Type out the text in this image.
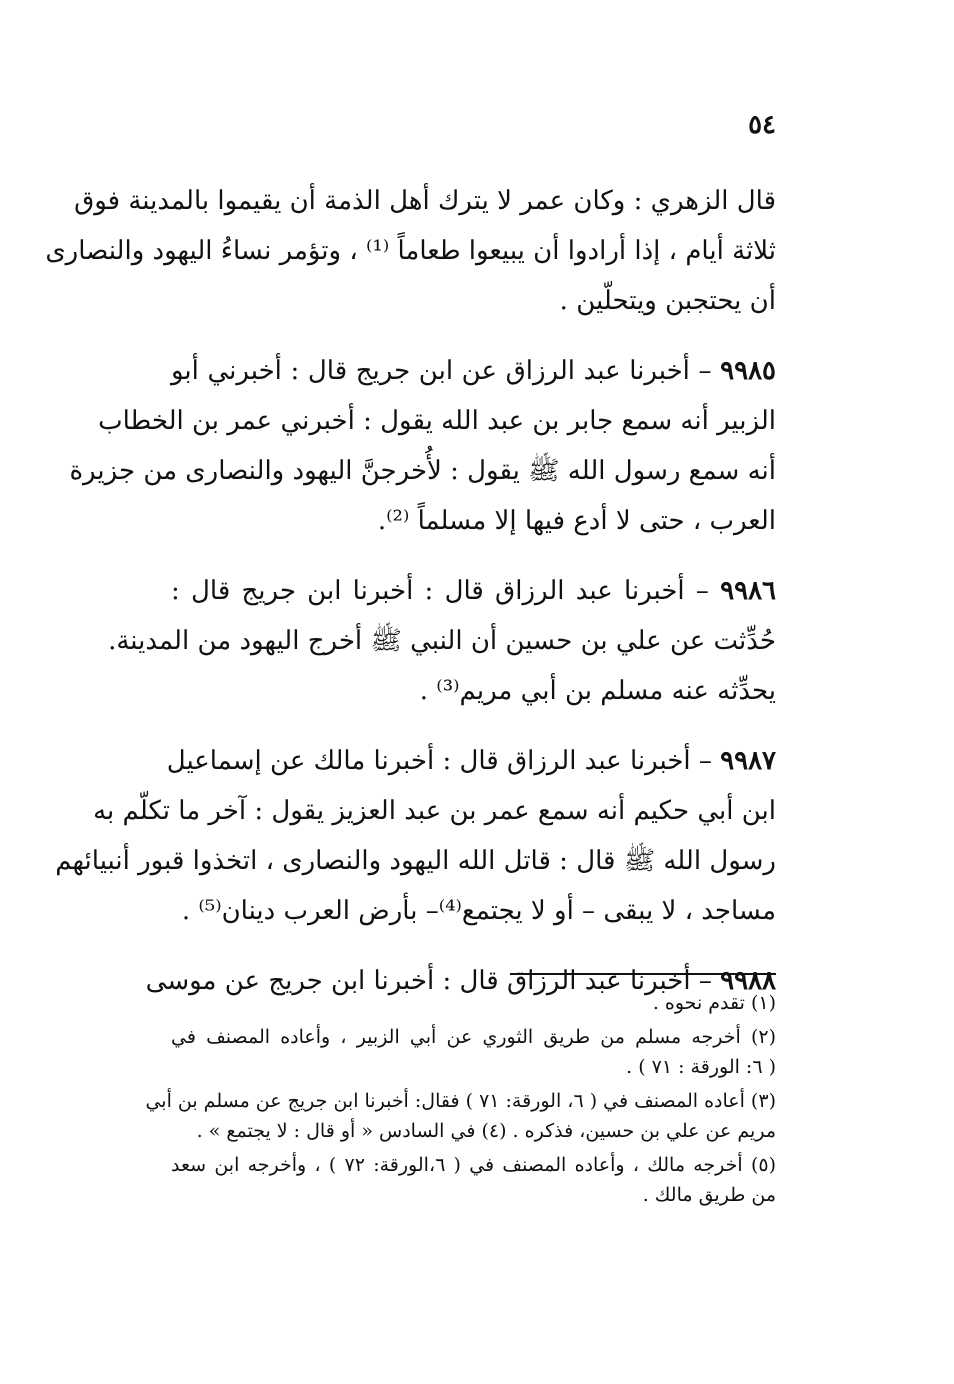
٥٤
قال الزهري : وكان عمر لا يترك أهل الذمة أن يقيموا بالمدينة فوق
ثلاثة أيام ، إذا أرادوا أن يبيعوا طعاماً ⁽¹⁾ ، وتؤمر نساءُ اليهود والنصارى
أن يحتجبن ويتحلّين .
٩٩٨٥ – أخبرنا عبد الرزاق عن ابن جريج قال : أخبرني أبو
الزبير أنه سمع جابر بن عبد الله يقول : أخبرني عمر بن الخطاب
أنه سمع رسول الله ﷺ يقول : لأُخرجنَّ اليهود والنصارى من جزيرة
العرب ، حتى لا أدع فيها إلا مسلماً ⁽²⁾.
٩٩٨٦ – أخبرنا عبد الرزاق قال : أخبرنا ابن جريج قال :
حُدِّثت عن علي بن حسين أن النبي ﷺ أخرج اليهود من المدينة.
يحدِّثه عنه مسلم بن أبي مريم⁽³⁾ .
٩٩٨٧ – أخبرنا عبد الرزاق قال : أخبرنا مالك عن إسماعيل
ابن أبي حكيم أنه سمع عمر بن عبد العزيز يقول : آخر ما تكلّم به
رسول الله ﷺ قال : قاتل الله اليهود والنصارى ، اتخذوا قبور أنبيائهم
مساجد ، لا يبقى – أو لا يجتمع⁽⁴⁾– بأرض العرب دينان⁽⁵⁾ .
٩٩٨٨ – أخبرنا عبد الرزاق قال : أخبرنا ابن جريج عن موسى
(١) تقدم نحوه .
(٢) أخرجه مسلم من طريق الثوري عن أبي الزبير ، وأعاده المصنف في
( ٦: الورقة : ٧١ ) .
(٣) أعاده المصنف في ( ٦، الورقة: ٧١ ) فقال: أخبرنا ابن جريج عن مسلم بن أبي
مريم عن علي بن حسين، فذكره . (٤) في السادس « أو قال : لا يجتمع » .
(٥) أخرجه مالك ، وأعاده المصنف في ( ٦،الورقة: ٧٢ ) ، وأخرجه ابن سعد
من طريق مالك .
